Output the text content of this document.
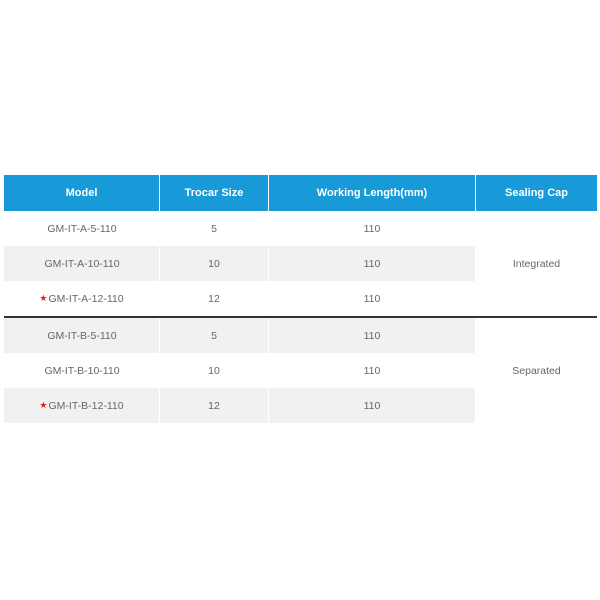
Model	Trocar Size	Working Length(mm)	Sealing Cap
GM-IT-A-5-110	5	110
GM-IT-A-10-110	10	110
★ GM-IT-A-12-110	12	110
Integrated
GM-IT-B-5-110	5	110
GM-IT-B-10-110	10	110
★ GM-IT-B-12-110	12	110
Separated
